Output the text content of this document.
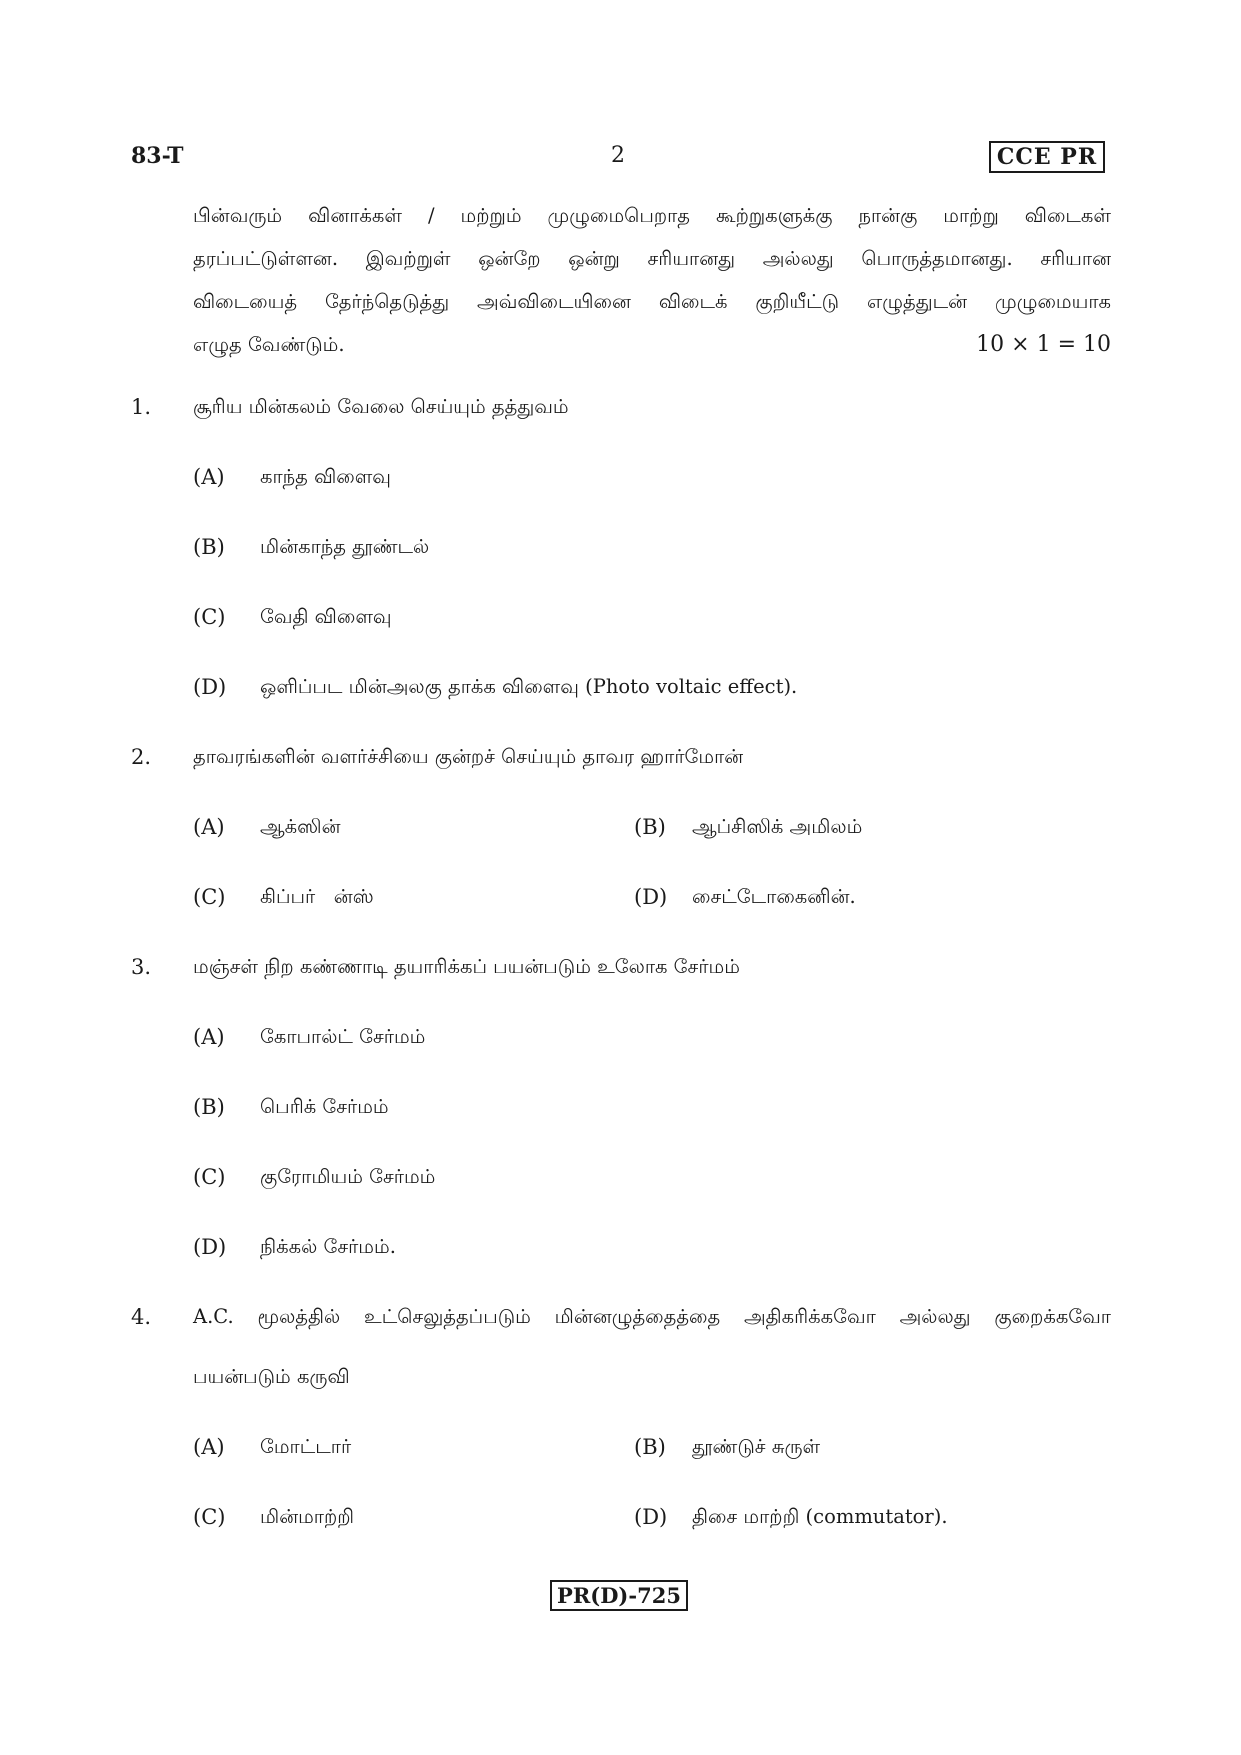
83-T	2	CCE PR

பின்வரும் வினாக்கள் / மற்றும் முழுமைபெறாத கூற்றுகளுக்கு நான்கு மாற்று விடைகள்

தரப்பட்டுள்ளன. இவற்றுள் ஒன்றே ஒன்று சரியானது அல்லது பொருத்தமானது. சரியான

விடையைத் தேர்ந்தெடுத்து அவ்விடையினை விடைக் குறியீட்டு எழுத்துடன் முழுமையாக

எழுத வேண்டும்.	10 × 1 = 10

1. சூரிய மின்கலம் வேலை செய்யும் தத்துவம்
(A) காந்த விளைவு
(B) மின்காந்த தூண்டல்
(C) வேதி விளைவு
(D) ஒளிப்பட மின்அலகு தாக்க விளைவு (Photo voltaic effect).
2. தாவரங்களின் வளர்ச்சியை குன்றச் செய்யும் தாவர ஹார்மோன்
(A) ஆக்ஸின்	(B) ஆப்சிஸிக் அமிலம்
(C) கிப்பர்   ன்ஸ்	(D) சைட்டோகைனின்.
3. மஞ்சள் நிற கண்ணாடி தயாரிக்கப் பயன்படும் உலோக சேர்மம்
(A) கோபால்ட் சேர்மம்
(B) பெரிக் சேர்மம்
(C) குரோமியம் சேர்மம்
(D) நிக்கல் சேர்மம்.
4. A.C. மூலத்தில் உட்செலுத்தப்படும் மின்னழுத்தைத்தை அதிகரிக்கவோ அல்லது குறைக்கவோ
பயன்படும் கருவி
(A) மோட்டார்	(B) தூண்டுச் சுருள்
(C) மின்மாற்றி	(D) திசை மாற்றி (commutator).
PR(D)-725
